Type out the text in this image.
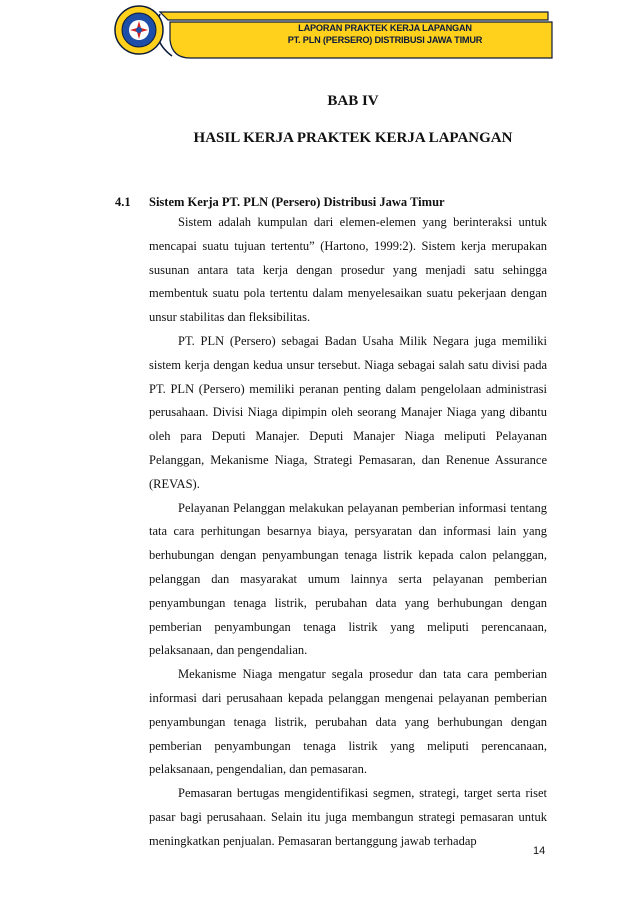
LAPORAN PRAKTEK KERJA LAPANGAN
PT. PLN (PERSERO) DISTRIBUSI JAWA TIMUR
BAB IV
HASIL KERJA PRAKTEK KERJA LAPANGAN
4.1 Sistem Kerja PT. PLN (Persero) Distribusi Jawa Timur

Sistem adalah kumpulan dari elemen-elemen yang berinteraksi untuk mencapai suatu tujuan tertentu” (Hartono, 1999:2). Sistem kerja merupakan susunan antara tata kerja dengan prosedur yang menjadi satu sehingga membentuk suatu pola tertentu dalam menyelesaikan suatu pekerjaan dengan unsur stabilitas dan fleksibilitas.

PT. PLN (Persero) sebagai Badan Usaha Milik Negara juga memiliki sistem kerja dengan kedua unsur tersebut. Niaga sebagai salah satu divisi pada PT. PLN (Persero) memiliki peranan penting dalam pengelolaan administrasi perusahaan. Divisi Niaga dipimpin oleh seorang Manajer Niaga yang dibantu oleh para Deputi Manajer. Deputi Manajer Niaga meliputi Pelayanan Pelanggan, Mekanisme Niaga, Strategi Pemasaran, dan Renenue Assurance (REVAS).

Pelayanan Pelanggan melakukan pelayanan pemberian informasi tentang tata cara perhitungan besarnya biaya, persyaratan dan informasi lain yang berhubungan dengan penyambungan tenaga listrik kepada calon pelanggan, pelanggan dan masyarakat umum lainnya serta pelayanan pemberian penyambungan tenaga listrik, perubahan data yang berhubungan dengan pemberian penyambungan tenaga listrik yang meliputi perencanaan, pelaksanaan, dan pengendalian.

Mekanisme Niaga mengatur segala prosedur dan tata cara pemberian informasi dari perusahaan kepada pelanggan mengenai pelayanan pemberian penyambungan tenaga listrik, perubahan data yang berhubungan dengan pemberian penyambungan tenaga listrik yang meliputi perencanaan, pelaksanaan, pengendalian, dan pemasaran.

Pemasaran bertugas mengidentifikasi segmen, strategi, target serta riset pasar bagi perusahaan. Selain itu juga membangun strategi pemasaran untuk meningkatkan penjualan. Pemasaran bertanggung jawab terhadap

14
